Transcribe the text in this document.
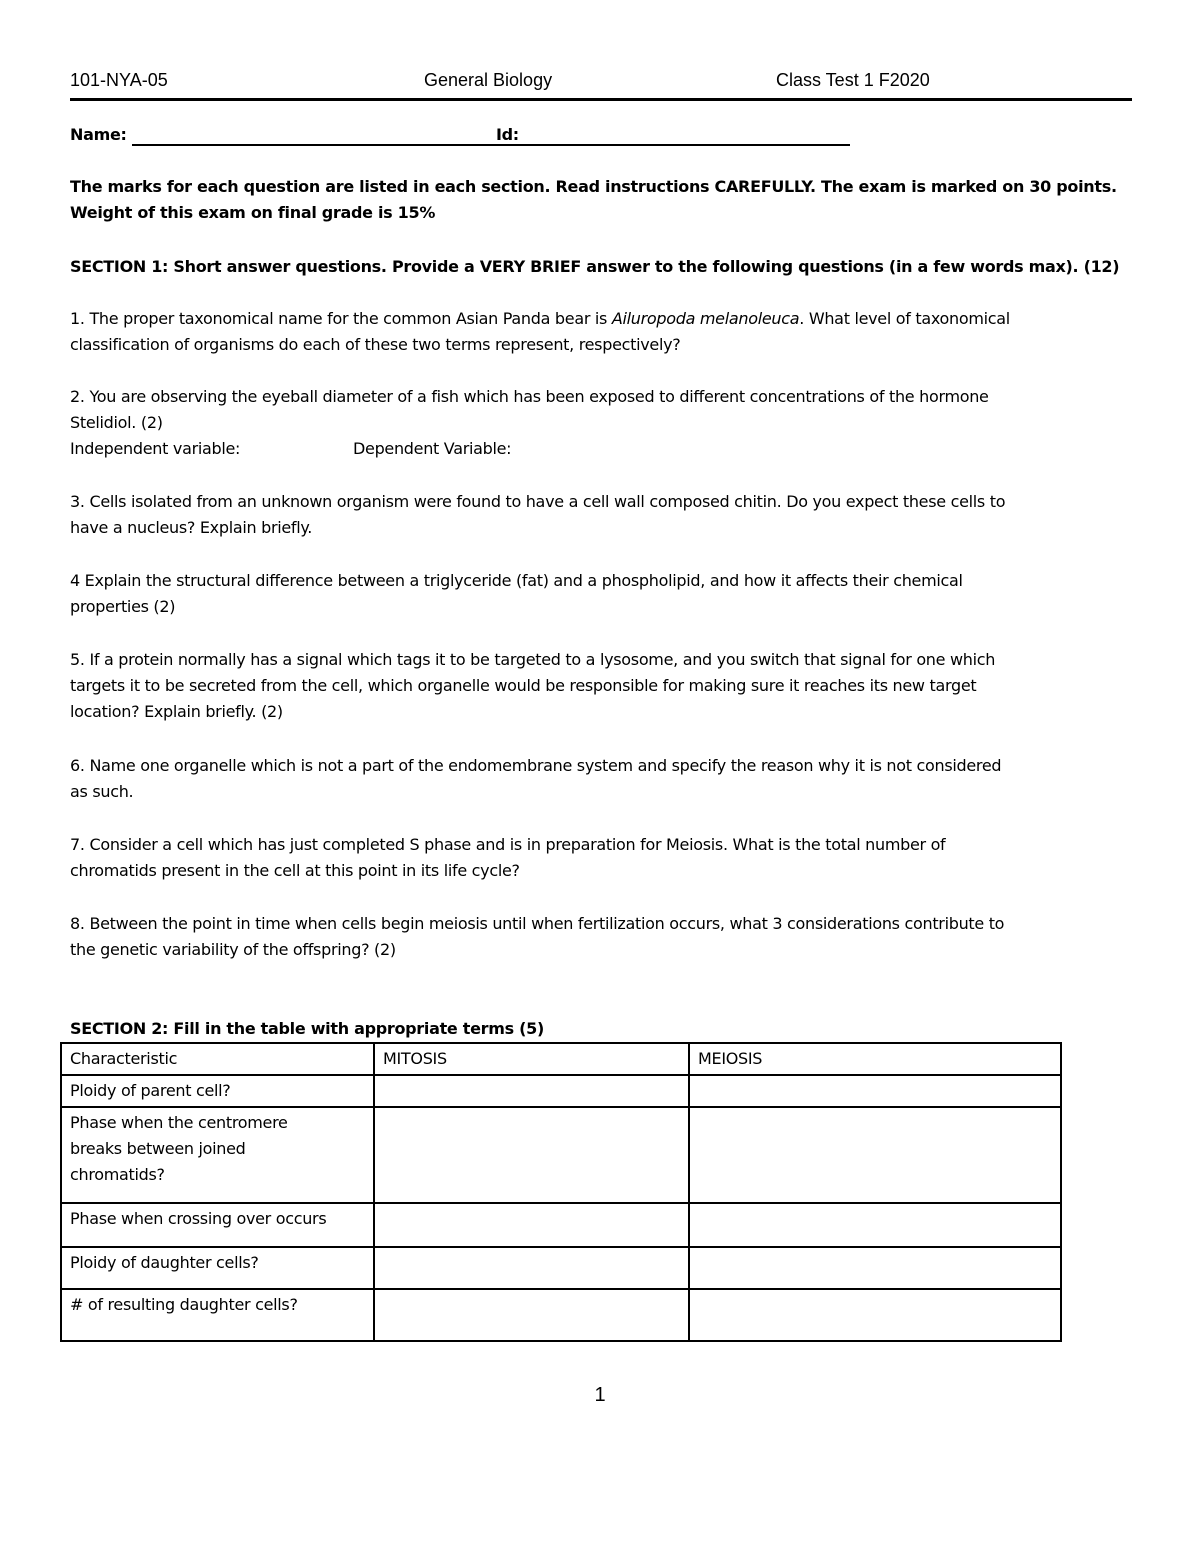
101-NYA-05	General Biology	Class Test 1 F2020
Name:	Id:

The marks for each question are listed in each section. Read instructions CAREFULLY. The exam is marked on 30 points.

Weight of this exam on final grade is 15%

SECTION 1: Short answer questions. Provide a VERY BRIEF answer to the following questions (in a few words max). (12)

1. The proper taxonomical name for the common Asian Panda bear is Ailuropoda melanoleuca. What level of taxonomical

classification of organisms do each of these two terms represent, respectively?

2. You are observing the eyeball diameter of a fish which has been exposed to different concentrations of the hormone

Stelidiol. (2)

Independent variable:	Dependent Variable:

3. Cells isolated from an unknown organism were found to have a cell wall composed chitin. Do you expect these cells to

have a nucleus? Explain briefly.

4 Explain the structural difference between a triglyceride (fat) and a phospholipid, and how it affects their chemical

properties (2)

5. If a protein normally has a signal which tags it to be targeted to a lysosome, and you switch that signal for one which

targets it to be secreted from the cell, which organelle would be responsible for making sure it reaches its new target

location? Explain briefly. (2)

6. Name one organelle which is not a part of the endomembrane system and specify the reason why it is not considered

as such.

7. Consider a cell which has just completed S phase and is in preparation for Meiosis. What is the total number of

chromatids present in the cell at this point in its life cycle?

8. Between the point in time when cells begin meiosis until when fertilization occurs, what 3 considerations contribute to

the genetic variability of the offspring? (2)

SECTION 2: Fill in the table with appropriate terms (5)

Characteristic	MITOSIS	MEIOSIS
Ploidy of parent cell?		

Phase when the centromere breaks between joined chromatids?		

Phase when crossing over occurs		
Ploidy of daughter cells?		
# of resulting daughter cells?		
1
